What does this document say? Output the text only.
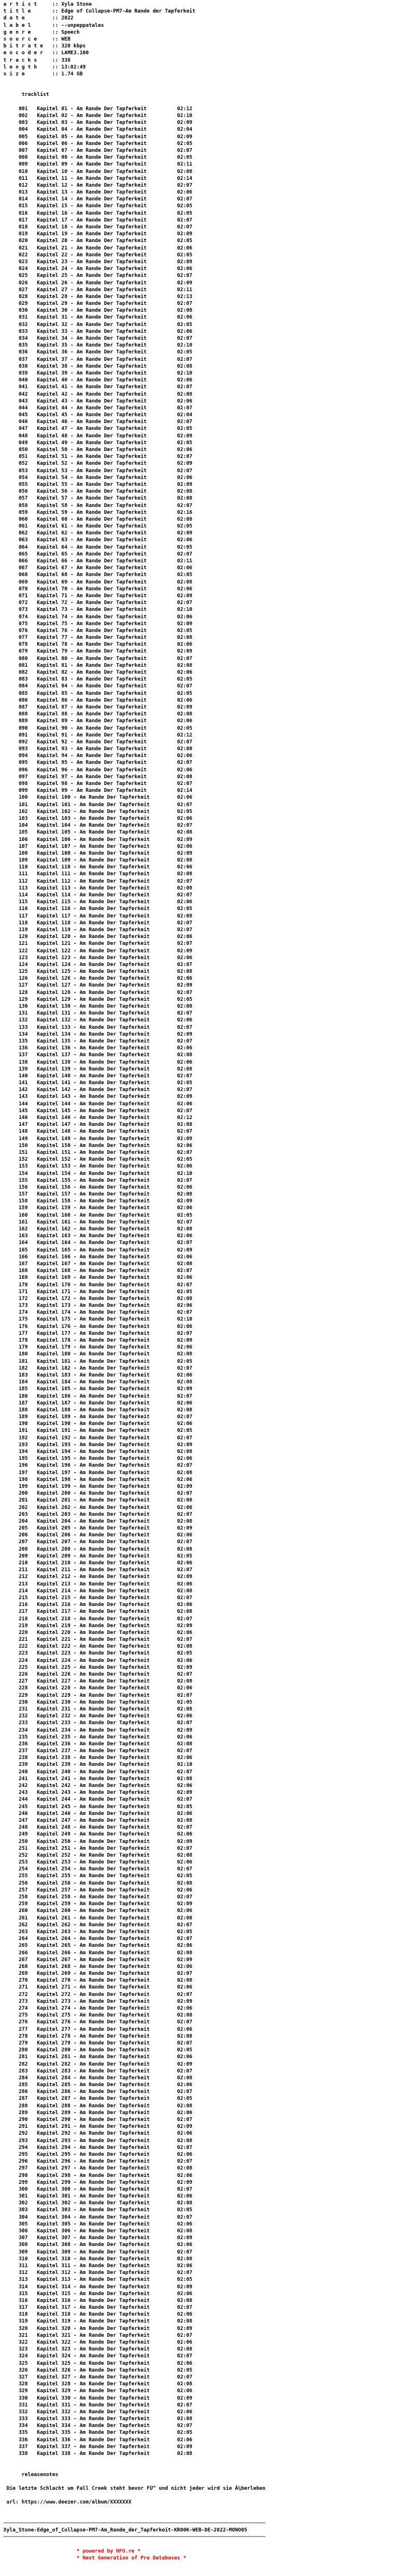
a r t i s t     :: Xyla Stone
t i t l e       :: Edge of Collapse-PM7-Am Rande der Tapferkeit
d a t e         :: 2022
l a b e l       :: --unpeppatales
g e n r e       :: Speech
s o u r c e     :: WEB
b i t r a t e   :: 320 kbps
e n c o d e r   :: LAME3.100
t r a c k s     :: 338
l e n g t h     :: 13:02:49
s i z e         :: 1.74 GB
tracklist
001   Kapitel 01 - Am Rande Der Tapferkeit          02:12
002   Kapitel 02 - Am Rande Der Tapferkeit          02:10
003   Kapitel 03 - Am Rande Der Tapferkeit          02:09
004   Kapitel 04 - Am Rande Der Tapferkeit          02:04
005   Kapitel 05 - Am Rande Der Tapferkeit          02:09
006   Kapitel 06 - Am Rande Der Tapferkeit          02:05
007   Kapitel 07 - Am Rande Der Tapferkeit          02:07
008   Kapitel 08 - Am Rande Der Tapferkeit          02:05
009   Kapitel 09 - Am Rande Der Tapferkeit          02:11
010   Kapitel 10 - Am Rande Der Tapferkeit          02:08
011   Kapitel 11 - Am Rande Der Tapferkeit          02:14
012   Kapitel 12 - Am Rande Der Tapferkeit          02:07
013   Kapitel 13 - Am Rande Der Tapferkeit          02:06
014   Kapitel 14 - Am Rande Der Tapferkeit          02:07
015   Kapitel 15 - Am Rande Der Tapferkeit          02:05
016   Kapitel 16 - Am Rande Der Tapferkeit          02:05
017   Kapitel 17 - Am Rande Der Tapferkeit          02:07
018   Kapitel 18 - Am Rande Der Tapferkeit          02:07
019   Kapitel 19 - Am Rande Der Tapferkeit          02:09
020   Kapitel 20 - Am Rande Der Tapferkeit          02:05
021   Kapitel 21 - Am Rande Der Tapferkeit          02:06
022   Kapitel 22 - Am Rande Der Tapferkeit          02:05
023   Kapitel 23 - Am Rande Der Tapferkeit          02:09
024   Kapitel 24 - Am Rande Der Tapferkeit          02:06
025   Kapitel 25 - Am Rande Der Tapferkeit          02:07
026   Kapitel 26 - Am Rande Der Tapferkeit          02:09
027   Kapitel 27 - Am Rande Der Tapferkeit          02:11
028   Kapitel 28 - Am Rande Der Tapferkeit          02:13
029   Kapitel 29 - Am Rande Der Tapferkeit          02:07
030   Kapitel 30 - Am Rande Der Tapferkeit          02:08
031   Kapitel 31 - Am Rande Der Tapferkeit          02:06
032   Kapitel 32 - Am Rande Der Tapferkeit          02:05
033   Kapitel 33 - Am Rande Der Tapferkeit          02:06
034   Kapitel 34 - Am Rande Der Tapferkeit          02:07
035   Kapitel 35 - Am Rande Der Tapferkeit          02:10
036   Kapitel 36 - Am Rande Der Tapferkeit          02:05
037   Kapitel 37 - Am Rande Der Tapferkeit          02:07
038   Kapitel 38 - Am Rande Der Tapferkeit          02:08
039   Kapitel 39 - Am Rande Der Tapferkeit          02:10
040   Kapitel 40 - Am Rande Der Tapferkeit          02:06
041   Kapitel 41 - Am Rande Der Tapferkeit          02:07
042   Kapitel 42 - Am Rande Der Tapferkeit          02:08
043   Kapitel 43 - Am Rande Der Tapferkeit          02:06
044   Kapitel 44 - Am Rande Der Tapferkeit          02:07
045   Kapitel 45 - Am Rande Der Tapferkeit          02:04
046   Kapitel 46 - Am Rande Der Tapferkeit          02:07
047   Kapitel 47 - Am Rande Der Tapferkeit          02:05
048   Kapitel 48 - Am Rande Der Tapferkeit          02:09
049   Kapitel 49 - Am Rande Der Tapferkeit          02:05
050   Kapitel 50 - Am Rande Der Tapferkeit          02:06
051   Kapitel 51 - Am Rande Der Tapferkeit          02:07
052   Kapitel 52 - Am Rande Der Tapferkeit          02:09
053   Kapitel 53 - Am Rande Der Tapferkeit          02:07
054   Kapitel 54 - Am Rande Der Tapferkeit          02:06
055   Kapitel 55 - Am Rande Der Tapferkeit          02:09
056   Kapitel 56 - Am Rande Der Tapferkeit          02:08
057   Kapitel 57 - Am Rande Der Tapferkeit          02:08
058   Kapitel 58 - Am Rande Der Tapferkeit          02:07
059   Kapitel 59 - Am Rande Der Tapferkeit          02:16
060   Kapitel 60 - Am Rande Der Tapferkeit          02:08
061   Kapitel 61 - Am Rande Der Tapferkeit          02:05
062   Kapitel 62 - Am Rande Der Tapferkeit          02:09
063   Kapitel 63 - Am Rande Der Tapferkeit          02:06
064   Kapitel 64 - Am Rande Der Tapferkeit          02:05
065   Kapitel 65 - Am Rande Der Tapferkeit          02:07
066   Kapitel 66 - Am Rande Der Tapferkeit          02:11
067   Kapitel 67 - Am Rande Der Tapferkeit          02:06
068   Kapitel 68 - Am Rande Der Tapferkeit          02:05
069   Kapitel 69 - Am Rande Der Tapferkeit          02:08
070   Kapitel 70 - Am Rande Der Tapferkeit          02:06
071   Kapitel 71 - Am Rande Der Tapferkeit          02:09
072   Kapitel 72 - Am Rande Der Tapferkeit          02:07
073   Kapitel 73 - Am Rande Der Tapferkeit          02:10
074   Kapitel 74 - Am Rande Der Tapferkeit          02:06
075   Kapitel 75 - Am Rande Der Tapferkeit          02:09
076   Kapitel 76 - Am Rande Der Tapferkeit          02:05
077   Kapitel 77 - Am Rande Der Tapferkeit          02:08
078   Kapitel 78 - Am Rande Der Tapferkeit          02:06
079   Kapitel 79 - Am Rande Der Tapferkeit          02:09
080   Kapitel 80 - Am Rande Der Tapferkeit          02:07
081   Kapitel 81 - Am Rande Der Tapferkeit          02:08
082   Kapitel 82 - Am Rande Der Tapferkeit          02:06
083   Kapitel 83 - Am Rande Der Tapferkeit          02:05
084   Kapitel 84 - Am Rande Der Tapferkeit          02:07
085   Kapitel 85 - Am Rande Der Tapferkeit          02:05
086   Kapitel 86 - Am Rande Der Tapferkeit          02:06
087   Kapitel 87 - Am Rande Der Tapferkeit          02:09
088   Kapitel 88 - Am Rande Der Tapferkeit          02:08
089   Kapitel 89 - Am Rande Der Tapferkeit          02:06
090   Kapitel 90 - Am Rande Der Tapferkeit          02:05
091   Kapitel 91 - Am Rande Der Tapferkeit          02:12
092   Kapitel 92 - Am Rande Der Tapferkeit          02:07
093   Kapitel 93 - Am Rande Der Tapferkeit          02:08
094   Kapitel 94 - Am Rande Der Tapferkeit          02:06
095   Kapitel 95 - Am Rande Der Tapferkeit          02:07
096   Kapitel 96 - Am Rande Der Tapferkeit          02:06
097   Kapitel 97 - Am Rande Der Tapferkeit          02:08
098   Kapitel 98 - Am Rande Der Tapferkeit          02:07
099   Kapitel 99 - Am Rande Der Tapferkeit          02:14
100   Kapitel 100 - Am Rande Der Tapferkeit         02:06
101   Kapitel 101 - Am Rande Der Tapferkeit         02:07
102   Kapitel 102 - Am Rande Der Tapferkeit         02:05
103   Kapitel 103 - Am Rande Der Tapferkeit         02:06
104   Kapitel 104 - Am Rande Der Tapferkeit         02:07
105   Kapitel 105 - Am Rande Der Tapferkeit         02:08
106   Kapitel 106 - Am Rande Der Tapferkeit         02:09
107   Kapitel 107 - Am Rande Der Tapferkeit         02:06
108   Kapitel 108 - Am Rande Der Tapferkeit         02:09
109   Kapitel 109 - Am Rande Der Tapferkeit         02:08
110   Kapitel 110 - Am Rande Der Tapferkeit         02:06
111   Kapitel 111 - Am Rande Der Tapferkeit         02:08
112   Kapitel 112 - Am Rande Der Tapferkeit         02:07
113   Kapitel 113 - Am Rande Der Tapferkeit         02:08
114   Kapitel 114 - Am Rande Der Tapferkeit         02:07
115   Kapitel 115 - Am Rande Der Tapferkeit         02:06
116   Kapitel 116 - Am Rande Der Tapferkeit         02:05
117   Kapitel 117 - Am Rande Der Tapferkeit         02:08
118   Kapitel 118 - Am Rande Der Tapferkeit         02:07
119   Kapitel 119 - Am Rande Der Tapferkeit         02:07
120   Kapitel 120 - Am Rande Der Tapferkeit         02:06
121   Kapitel 121 - Am Rande Der Tapferkeit         02:07
122   Kapitel 122 - Am Rande Der Tapferkeit         02:09
123   Kapitel 123 - Am Rande Der Tapferkeit         02:06
124   Kapitel 124 - Am Rande Der Tapferkeit         02:07
125   Kapitel 125 - Am Rande Der Tapferkeit         02:08
126   Kapitel 126 - Am Rande Der Tapferkeit         02:06
127   Kapitel 127 - Am Rande Der Tapferkeit         02:09
128   Kapitel 128 - Am Rande Der Tapferkeit         02:07
129   Kapitel 129 - Am Rande Der Tapferkeit         02:05
130   Kapitel 130 - Am Rande Der Tapferkeit         02:08
131   Kapitel 131 - Am Rande Der Tapferkeit         02:07
132   Kapitel 132 - Am Rande Der Tapferkeit         02:06
133   Kapitel 133 - Am Rande Der Tapferkeit         02:07
134   Kapitel 134 - Am Rande Der Tapferkeit         02:09
135   Kapitel 135 - Am Rande Der Tapferkeit         02:07
136   Kapitel 136 - Am Rande Der Tapferkeit         02:06
137   Kapitel 137 - Am Rande Der Tapferkeit         02:08
138   Kapitel 138 - Am Rande Der Tapferkeit         02:06
139   Kapitel 139 - Am Rande Der Tapferkeit         02:08
140   Kapitel 140 - Am Rande Der Tapferkeit         02:07
141   Kapitel 141 - Am Rande Der Tapferkeit         02:05
142   Kapitel 142 - Am Rande Der Tapferkeit         02:07
143   Kapitel 143 - Am Rande Der Tapferkeit         02:09
144   Kapitel 144 - Am Rande Der Tapferkeit         02:06
145   Kapitel 145 - Am Rande Der Tapferkeit         02:07
146   Kapitel 146 - Am Rande Der Tapferkeit         02:12
147   Kapitel 147 - Am Rande Der Tapferkeit         02:08
148   Kapitel 148 - Am Rande Der Tapferkeit         02:07
149   Kapitel 149 - Am Rande Der Tapferkeit         02:09
150   Kapitel 150 - Am Rande Der Tapferkeit         02:06
151   Kapitel 151 - Am Rande Der Tapferkeit         02:07
152   Kapitel 152 - Am Rande Der Tapferkeit         02:05
153   Kapitel 153 - Am Rande Der Tapferkeit         02:06
154   Kapitel 154 - Am Rande Der Tapferkeit         02:10
155   Kapitel 155 - Am Rande Der Tapferkeit         02:07
156   Kapitel 156 - Am Rande Der Tapferkeit         02:06
157   Kapitel 157 - Am Rande Der Tapferkeit         02:08
158   Kapitel 158 - Am Rande Der Tapferkeit         02:09
159   Kapitel 159 - Am Rande Der Tapferkeit         02:06
160   Kapitel 160 - Am Rande Der Tapferkeit         02:05
161   Kapitel 161 - Am Rande Der Tapferkeit         02:07
162   Kapitel 162 - Am Rande Der Tapferkeit         02:08
163   Kapitel 163 - Am Rande Der Tapferkeit         02:06
164   Kapitel 164 - Am Rande Der Tapferkeit         02:07
165   Kapitel 165 - Am Rande Der Tapferkeit         02:09
166   Kapitel 166 - Am Rande Der Tapferkeit         02:06
167   Kapitel 167 - Am Rande Der Tapferkeit         02:08
168   Kapitel 168 - Am Rande Der Tapferkeit         02:07
169   Kapitel 169 - Am Rande Der Tapferkeit         02:06
170   Kapitel 170 - Am Rande Der Tapferkeit         02:07
171   Kapitel 171 - Am Rande Der Tapferkeit         02:05
172   Kapitel 172 - Am Rande Der Tapferkeit         02:08
173   Kapitel 173 - Am Rande Der Tapferkeit         02:06
174   Kapitel 174 - Am Rande Der Tapferkeit         02:07
175   Kapitel 175 - Am Rande Der Tapferkeit         02:10
176   Kapitel 176 - Am Rande Der Tapferkeit         02:06
177   Kapitel 177 - Am Rande Der Tapferkeit         02:07
178   Kapitel 178 - Am Rande Der Tapferkeit         02:09
179   Kapitel 179 - Am Rande Der Tapferkeit         02:06
180   Kapitel 180 - Am Rande Der Tapferkeit         02:08
181   Kapitel 181 - Am Rande Der Tapferkeit         02:05
182   Kapitel 182 - Am Rande Der Tapferkeit         02:07
183   Kapitel 183 - Am Rande Der Tapferkeit         02:06
184   Kapitel 184 - Am Rande Der Tapferkeit         02:08
185   Kapitel 185 - Am Rande Der Tapferkeit         02:09
186   Kapitel 186 - Am Rande Der Tapferkeit         02:07
187   Kapitel 187 - Am Rande Der Tapferkeit         02:06
188   Kapitel 188 - Am Rande Der Tapferkeit         02:08
189   Kapitel 189 - Am Rande Der Tapferkeit         02:07
190   Kapitel 190 - Am Rande Der Tapferkeit         02:06
191   Kapitel 191 - Am Rande Der Tapferkeit         02:05
192   Kapitel 192 - Am Rande Der Tapferkeit         02:07
193   Kapitel 193 - Am Rande Der Tapferkeit         02:09
194   Kapitel 194 - Am Rande Der Tapferkeit         02:08
195   Kapitel 195 - Am Rande Der Tapferkeit         02:06
196   Kapitel 196 - Am Rande Der Tapferkeit         02:07
197   Kapitel 197 - Am Rande Der Tapferkeit         02:08
198   Kapitel 198 - Am Rande Der Tapferkeit         02:06
199   Kapitel 199 - Am Rande Der Tapferkeit         02:09
200   Kapitel 200 - Am Rande Der Tapferkeit         02:07
201   Kapitel 201 - Am Rande Der Tapferkeit         02:08
202   Kapitel 202 - Am Rande Der Tapferkeit         02:06
203   Kapitel 203 - Am Rande Der Tapferkeit         02:07
204   Kapitel 204 - Am Rande Der Tapferkeit         02:08
205   Kapitel 205 - Am Rande Der Tapferkeit         02:09
206   Kapitel 206 - Am Rande Der Tapferkeit         02:06
207   Kapitel 207 - Am Rande Der Tapferkeit         02:07
208   Kapitel 208 - Am Rande Der Tapferkeit         02:08
209   Kapitel 209 - Am Rande Der Tapferkeit         02:05
210   Kapitel 210 - Am Rande Der Tapferkeit         02:06
211   Kapitel 211 - Am Rande Der Tapferkeit         02:07
212   Kapitel 212 - Am Rande Der Tapferkeit         02:09
213   Kapitel 213 - Am Rande Der Tapferkeit         02:06
214   Kapitel 214 - Am Rande Der Tapferkeit         02:08
215   Kapitel 215 - Am Rande Der Tapferkeit         02:07
216   Kapitel 216 - Am Rande Der Tapferkeit         02:06
217   Kapitel 217 - Am Rande Der Tapferkeit         02:08
218   Kapitel 218 - Am Rande Der Tapferkeit         02:07
219   Kapitel 219 - Am Rande Der Tapferkeit         02:09
220   Kapitel 220 - Am Rande Der Tapferkeit         02:06
221   Kapitel 221 - Am Rande Der Tapferkeit         02:07
222   Kapitel 222 - Am Rande Der Tapferkeit         02:08
223   Kapitel 223 - Am Rande Der Tapferkeit         02:05
224   Kapitel 224 - Am Rande Der Tapferkeit         02:06
225   Kapitel 225 - Am Rande Der Tapferkeit         02:09
226   Kapitel 226 - Am Rande Der Tapferkeit         02:07
227   Kapitel 227 - Am Rande Der Tapferkeit         02:08
228   Kapitel 228 - Am Rande Der Tapferkeit         02:06
229   Kapitel 229 - Am Rande Der Tapferkeit         02:07
230   Kapitel 230 - Am Rande Der Tapferkeit         02:05
231   Kapitel 231 - Am Rande Der Tapferkeit         02:08
232   Kapitel 232 - Am Rande Der Tapferkeit         02:06
233   Kapitel 233 - Am Rande Der Tapferkeit         02:07
234   Kapitel 234 - Am Rande Der Tapferkeit         02:09
235   Kapitel 235 - Am Rande Der Tapferkeit         02:06
236   Kapitel 236 - Am Rande Der Tapferkeit         02:08
237   Kapitel 237 - Am Rande Der Tapferkeit         02:07
238   Kapitel 238 - Am Rande Der Tapferkeit         02:06
239   Kapitel 239 - Am Rande Der Tapferkeit         02:10
240   Kapitel 240 - Am Rande Der Tapferkeit         02:07
241   Kapitel 241 - Am Rande Der Tapferkeit         02:08
242   Kapitel 242 - Am Rande Der Tapferkeit         02:06
243   Kapitel 243 - Am Rande Der Tapferkeit         02:09
244   Kapitel 244 - Am Rande Der Tapferkeit         02:07
245   Kapitel 245 - Am Rande Der Tapferkeit         02:05
246   Kapitel 246 - Am Rande Der Tapferkeit         02:06
247   Kapitel 247 - Am Rande Der Tapferkeit         02:08
248   Kapitel 248 - Am Rande Der Tapferkeit         02:07
249   Kapitel 249 - Am Rande Der Tapferkeit         02:06
250   Kapitel 250 - Am Rande Der Tapferkeit         02:09
251   Kapitel 251 - Am Rande Der Tapferkeit         02:07
252   Kapitel 252 - Am Rande Der Tapferkeit         02:08
253   Kapitel 253 - Am Rande Der Tapferkeit         02:06
254   Kapitel 254 - Am Rande Der Tapferkeit         02:07
255   Kapitel 255 - Am Rande Der Tapferkeit         02:05
256   Kapitel 256 - Am Rande Der Tapferkeit         02:08
257   Kapitel 257 - Am Rande Der Tapferkeit         02:06
258   Kapitel 258 - Am Rande Der Tapferkeit         02:07
259   Kapitel 259 - Am Rande Der Tapferkeit         02:09
260   Kapitel 260 - Am Rande Der Tapferkeit         02:06
261   Kapitel 261 - Am Rande Der Tapferkeit         02:08
262   Kapitel 262 - Am Rande Der Tapferkeit         02:07
263   Kapitel 263 - Am Rande Der Tapferkeit         02:05
264   Kapitel 264 - Am Rande Der Tapferkeit         02:07
265   Kapitel 265 - Am Rande Der Tapferkeit         02:06
266   Kapitel 266 - Am Rande Der Tapferkeit         02:08
267   Kapitel 267 - Am Rande Der Tapferkeit         02:09
268   Kapitel 268 - Am Rande Der Tapferkeit         02:06
269   Kapitel 269 - Am Rande Der Tapferkeit         02:07
270   Kapitel 270 - Am Rande Der Tapferkeit         02:08
271   Kapitel 271 - Am Rande Der Tapferkeit         02:06
272   Kapitel 272 - Am Rande Der Tapferkeit         02:07
273   Kapitel 273 - Am Rande Der Tapferkeit         02:09
274   Kapitel 274 - Am Rande Der Tapferkeit         02:06
275   Kapitel 275 - Am Rande Der Tapferkeit         02:08
276   Kapitel 276 - Am Rande Der Tapferkeit         02:07
277   Kapitel 277 - Am Rande Der Tapferkeit         02:06
278   Kapitel 278 - Am Rande Der Tapferkeit         02:08
279   Kapitel 279 - Am Rande Der Tapferkeit         02:07
280   Kapitel 280 - Am Rande Der Tapferkeit         02:05
281   Kapitel 281 - Am Rande Der Tapferkeit         02:06
282   Kapitel 282 - Am Rande Der Tapferkeit         02:09
283   Kapitel 283 - Am Rande Der Tapferkeit         02:07
284   Kapitel 284 - Am Rande Der Tapferkeit         02:08
285   Kapitel 285 - Am Rande Der Tapferkeit         02:06
286   Kapitel 286 - Am Rande Der Tapferkeit         02:07
287   Kapitel 287 - Am Rande Der Tapferkeit         02:05
288   Kapitel 288 - Am Rande Der Tapferkeit         02:08
289   Kapitel 289 - Am Rande Der Tapferkeit         02:06
290   Kapitel 290 - Am Rande Der Tapferkeit         02:07
291   Kapitel 291 - Am Rande Der Tapferkeit         02:09
292   Kapitel 292 - Am Rande Der Tapferkeit         02:06
293   Kapitel 293 - Am Rande Der Tapferkeit         02:08
294   Kapitel 294 - Am Rande Der Tapferkeit         02:07
295   Kapitel 295 - Am Rande Der Tapferkeit         02:06
296   Kapitel 296 - Am Rande Der Tapferkeit         02:07
297   Kapitel 297 - Am Rande Der Tapferkeit         02:08
298   Kapitel 298 - Am Rande Der Tapferkeit         02:06
299   Kapitel 299 - Am Rande Der Tapferkeit         02:09
300   Kapitel 300 - Am Rande Der Tapferkeit         02:07
301   Kapitel 301 - Am Rande Der Tapferkeit         02:06
302   Kapitel 302 - Am Rande Der Tapferkeit         02:08
303   Kapitel 303 - Am Rande Der Tapferkeit         02:05
304   Kapitel 304 - Am Rande Der Tapferkeit         02:07
305   Kapitel 305 - Am Rande Der Tapferkeit         02:06
306   Kapitel 306 - Am Rande Der Tapferkeit         02:08
307   Kapitel 307 - Am Rande Der Tapferkeit         02:09
308   Kapitel 308 - Am Rande Der Tapferkeit         02:06
309   Kapitel 309 - Am Rande Der Tapferkeit         02:07
310   Kapitel 310 - Am Rande Der Tapferkeit         02:08
311   Kapitel 311 - Am Rande Der Tapferkeit         02:06
312   Kapitel 312 - Am Rande Der Tapferkeit         02:07
313   Kapitel 313 - Am Rande Der Tapferkeit         02:05
314   Kapitel 314 - Am Rande Der Tapferkeit         02:09
315   Kapitel 315 - Am Rande Der Tapferkeit         02:06
316   Kapitel 316 - Am Rande Der Tapferkeit         02:08
317   Kapitel 317 - Am Rande Der Tapferkeit         02:07
318   Kapitel 318 - Am Rande Der Tapferkeit         02:06
319   Kapitel 319 - Am Rande Der Tapferkeit         02:08
320   Kapitel 320 - Am Rande Der Tapferkeit         02:09
321   Kapitel 321 - Am Rande Der Tapferkeit         02:07
322   Kapitel 322 - Am Rande Der Tapferkeit         02:06
323   Kapitel 323 - Am Rande Der Tapferkeit         02:08
324   Kapitel 324 - Am Rande Der Tapferkeit         02:07
325   Kapitel 325 - Am Rande Der Tapferkeit         02:06
326   Kapitel 326 - Am Rande Der Tapferkeit         02:05
327   Kapitel 327 - Am Rande Der Tapferkeit         02:07
328   Kapitel 328 - Am Rande Der Tapferkeit         02:08
329   Kapitel 329 - Am Rande Der Tapferkeit         02:06
330   Kapitel 330 - Am Rande Der Tapferkeit         02:09
331   Kapitel 331 - Am Rande Der Tapferkeit         02:07
332   Kapitel 332 - Am Rande Der Tapferkeit         02:06
333   Kapitel 333 - Am Rande Der Tapferkeit         02:08
334   Kapitel 334 - Am Rande Der Tapferkeit         02:07
335   Kapitel 335 - Am Rande Der Tapferkeit         02:05
336   Kapitel 336 - Am Rande Der Tapferkeit         02:06
337   Kapitel 337 - Am Rande Der Tapferkeit         02:09
338   Kapitel 338 - Am Rande Der Tapferkeit         02:08
releasenotes
Die letzte Schlacht um Fall Creek steht bevor FÜ™ und nicht jeder wird sie Ã¼berleben

url: https://www.deezer.com/album/XXXXXXX
──────────────────────────────────────────────────────────────────────────────────────
Xyla_Stone-Edge_of_Collapse-PM7-Am_Rande_der_Tapferkeit-KR00K-WEB-DE-2022-MONO05
──────────────────────────────────────────────────────────────────────────────────────
* powered by NFO.re *
* Next Generation of Pre Databases *
